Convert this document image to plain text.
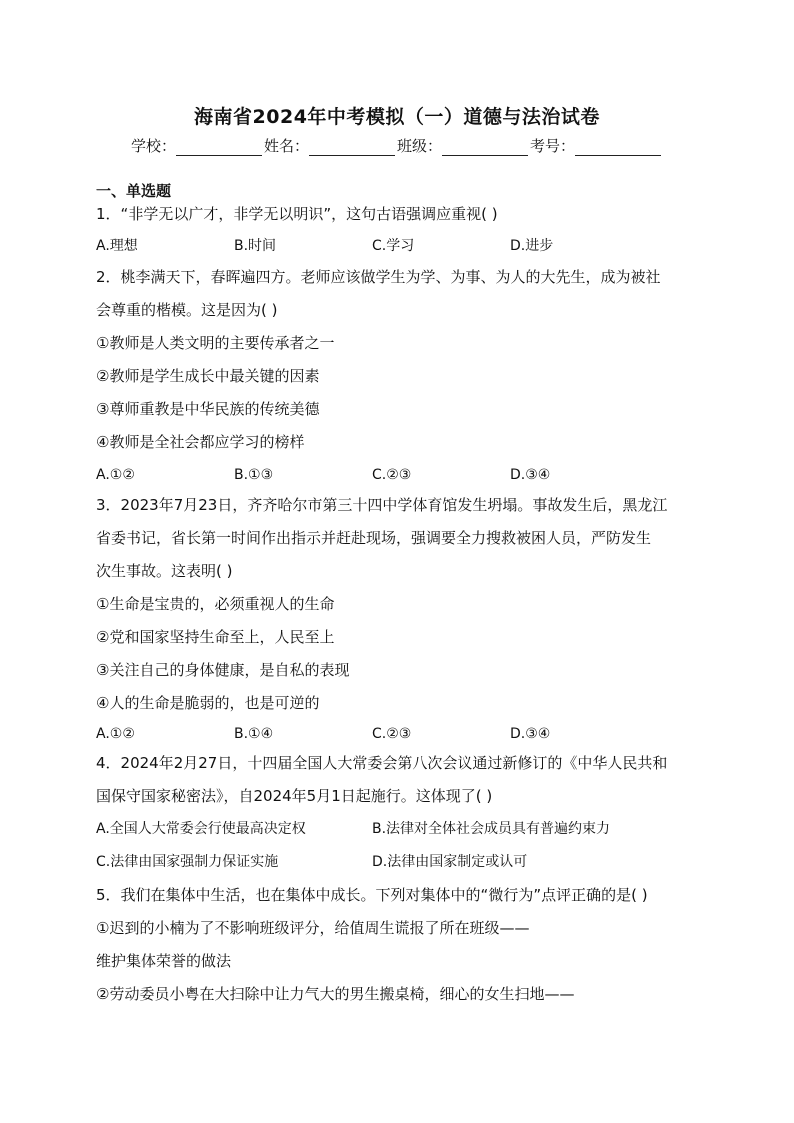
海南省2024年中考模拟（一）道德与法治试卷
学校：	姓名：	班级：	考号：
一、单选题
1．“非学无以广才，非学无以明识”，这句古语强调应重视( )
A.理想	B.时间	C.学习	D.进步
2．桃李满天下，春晖遍四方。老师应该做学生为学、为事、为人的大先生，成为被社
会尊重的楷模。这是因为( )
①教师是人类文明的主要传承者之一
②教师是学生成长中最关键的因素
③尊师重教是中华民族的传统美德
④教师是全社会都应学习的榜样
A.①②	B.①③	C.②③	D.③④
3．2023年7月23日，齐齐哈尔市第三十四中学体育馆发生坍塌。事故发生后，黑龙江
省委书记，省长第一时间作出指示并赶赴现场，强调要全力搜救被困人员，严防发生
次生事故。这表明( )
①生命是宝贵的，必须重视人的生命
②党和国家坚持生命至上，人民至上
③关注自己的身体健康，是自私的表现
④人的生命是脆弱的，也是可逆的
A.①②	B.①④	C.②③	D.③④
4．2024年2月27日，十四届全国人大常委会第八次会议通过新修订的《中华人民共和
国保守国家秘密法》，自2024年5月1日起施行。这体现了( )
A.全国人大常委会行使最高决定权	B.法律对全体社会成员具有普遍约束力
C.法律由国家强制力保证实施	D.法律由国家制定或认可
5．我们在集体中生活，也在集体中成长。下列对集体中的“微行为”点评正确的是( )
①迟到的小楠为了不影响班级评分，给值周生谎报了所在班级——
维护集体荣誉的做法
②劳动委员小粤在大扫除中让力气大的男生搬桌椅，细心的女生扫地——
